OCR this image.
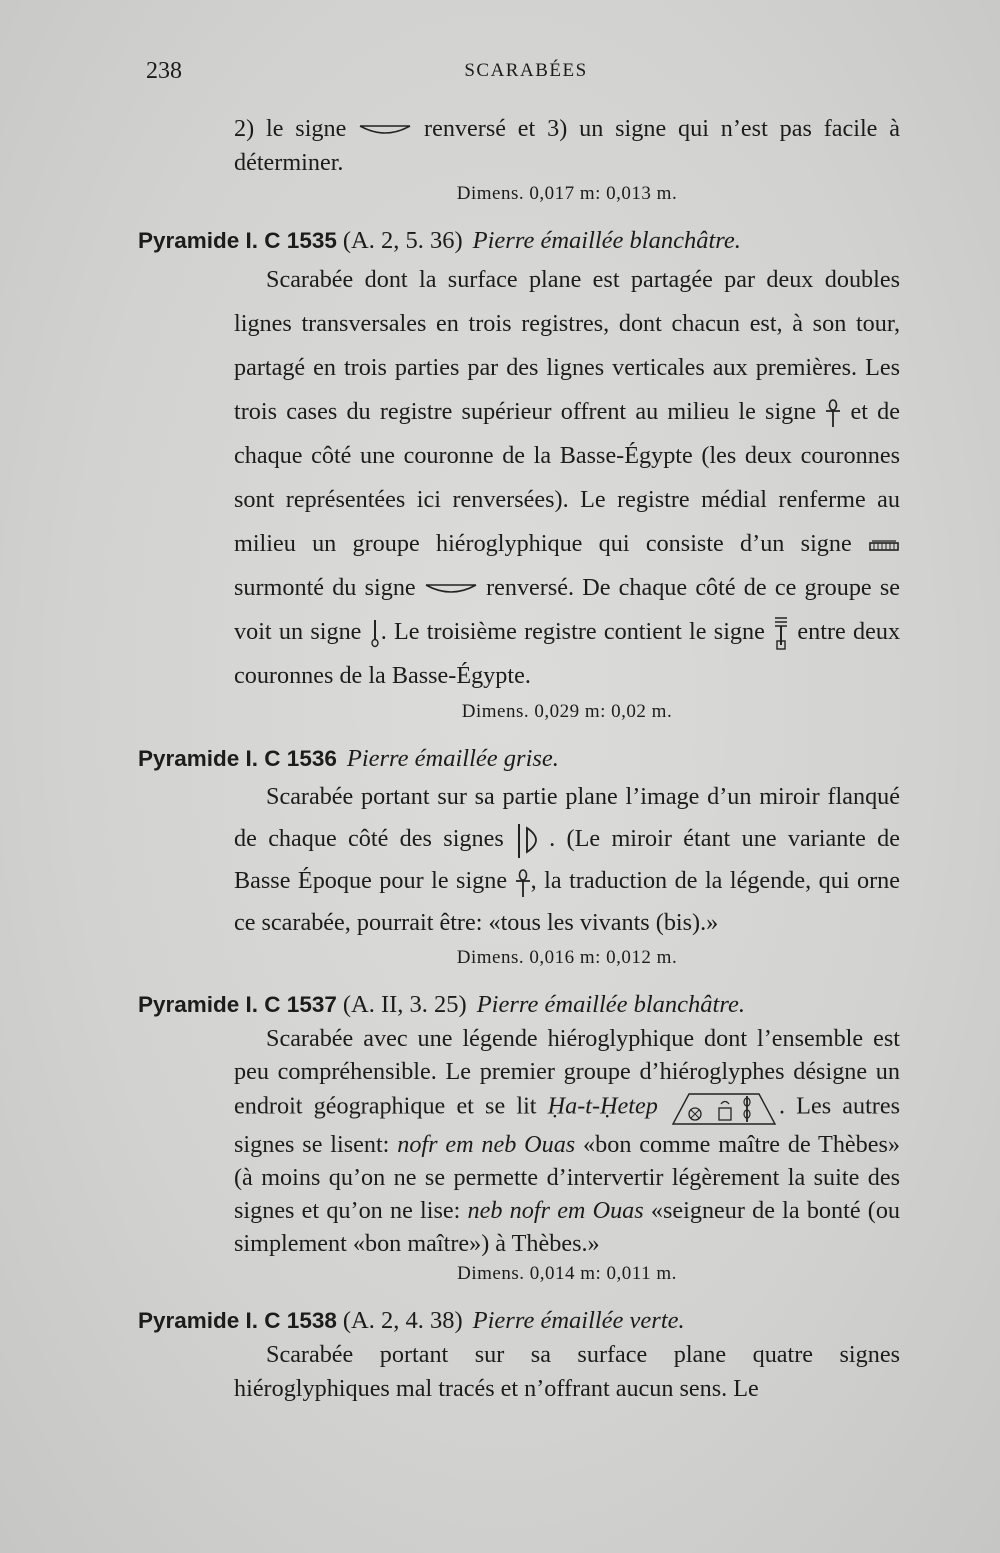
238	SCARABÉES

2) le signe	renversé et 3) un signe qui n’est pas facile à déterminer.

Dimens. 0,017 m: 0,013 m.

Pyramide I. C 1535 (A. 2, 5. 36) Pierre émaillée blanchâtre.

Scarabée dont la surface plane est partagée par deux doubles lignes transversales en trois registres, dont chacun est, à son tour, partagé en trois parties par des lignes verticales aux premières. Les trois cases du registre supérieur offrent au milieu le signe et de chaque côté une couronne de la Basse-Égypte (les deux couronnes sont représentées ici renversées). Le registre médial renferme au milieu un groupe hiéroglyphique qui consiste d’un signe
surmonté du signe	renversé. De chaque côté de ce groupe se voit un signe . Le troisième registre contient le signe entre deux couronnes de la Basse-Égypte.

Dimens. 0,029 m: 0,02 m.

Pyramide I. C 1536 Pierre émaillée grise.

Scarabée portant sur sa partie plane l’image d’un miroir flanqué de chaque côté des signes . (Le miroir étant une variante de Basse Époque pour le signe , la traduction de la légende, qui orne ce scarabée, pourrait être: «tous les vivants (bis).»

Dimens. 0,016 m: 0,012 m.

Pyramide I. C 1537 (A. II, 3. 25) Pierre émaillée blanchâtre.

Scarabée avec une légende hiéroglyphique dont l’ensemble est peu compréhensible. Le premier groupe d’hiéroglyphes désigne un endroit géographique et se lit Ḥa-t-Ḥetep	. Les autres signes se lisent: nofr em neb Ouas «bon comme maître de Thèbes» (à moins qu’on ne se permette d’intervertir légèrement la suite des signes et qu’on ne lise: neb nofr em Ouas «seigneur de la bonté (ou simplement «bon maître») à Thèbes.»

Dimens. 0,014 m: 0,011 m.

Pyramide I. C 1538 (A. 2, 4. 38) Pierre émaillée verte.

Scarabée portant sur sa surface plane quatre signes hiéroglyphiques mal tracés et n’offrant aucun sens. Le
